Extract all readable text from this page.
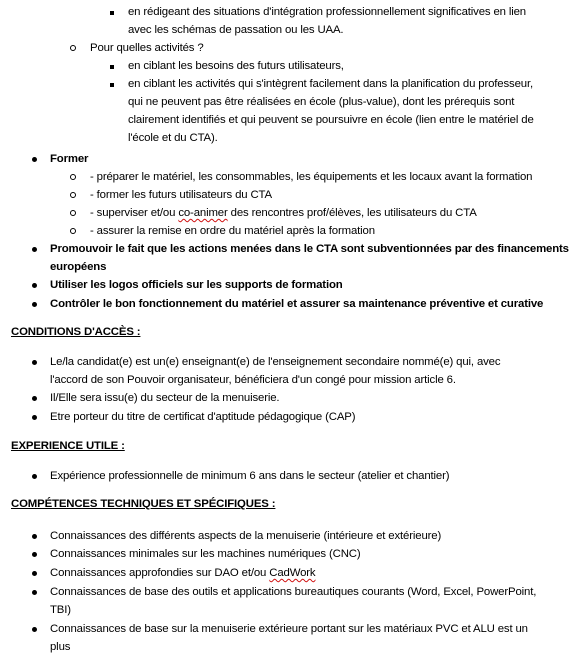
en rédigeant des situations d'intégration professionnellement significatives en lien
avec les schémas de passation ou les UAA.
Pour quelles activités ?
en ciblant les besoins des futurs utilisateurs,
en ciblant les activités qui s'intègrent facilement dans la planification du professeur,
qui ne peuvent pas être réalisées en école (plus-value), dont les prérequis sont
clairement identifiés et qui peuvent se poursuivre en école (lien entre le matériel de
l'école et du CTA).
Former
- préparer le matériel, les consommables, les équipements et les locaux avant la formation
- former les futurs utilisateurs du CTA
- superviser et/ou co-animer des rencontres prof/élèves, les utilisateurs du CTA
- assurer la remise en ordre du matériel après la formation
Promouvoir le fait que les actions menées dans le CTA sont subventionnées par des financements
européens
Utiliser les logos officiels sur les supports de formation
Contrôler le bon fonctionnement du matériel et assurer sa maintenance préventive et curative
CONDITIONS D'ACCÈS :
Le/la candidat(e) est un(e) enseignant(e) de l'enseignement secondaire nommé(e) qui, avec
l'accord de son Pouvoir organisateur, bénéficiera d'un congé pour mission article 6.
Il/Elle sera issu(e) du secteur de la menuiserie.
Etre porteur du titre de certificat d'aptitude pédagogique (CAP)
EXPERIENCE UTILE :
Expérience professionnelle de minimum 6 ans dans le secteur (atelier et chantier)
COMPÉTENCES TECHNIQUES ET SPÉCIFIQUES :
Connaissances des différents aspects de la menuiserie (intérieure et extérieure)
Connaissances minimales sur les machines numériques (CNC)
Connaissances approfondies sur DAO et/ou CadWork
Connaissances de base des outils et applications bureautiques courants (Word, Excel, PowerPoint,
TBI)
Connaissances de base sur la menuiserie extérieure portant sur les matériaux PVC et ALU est un
plus
